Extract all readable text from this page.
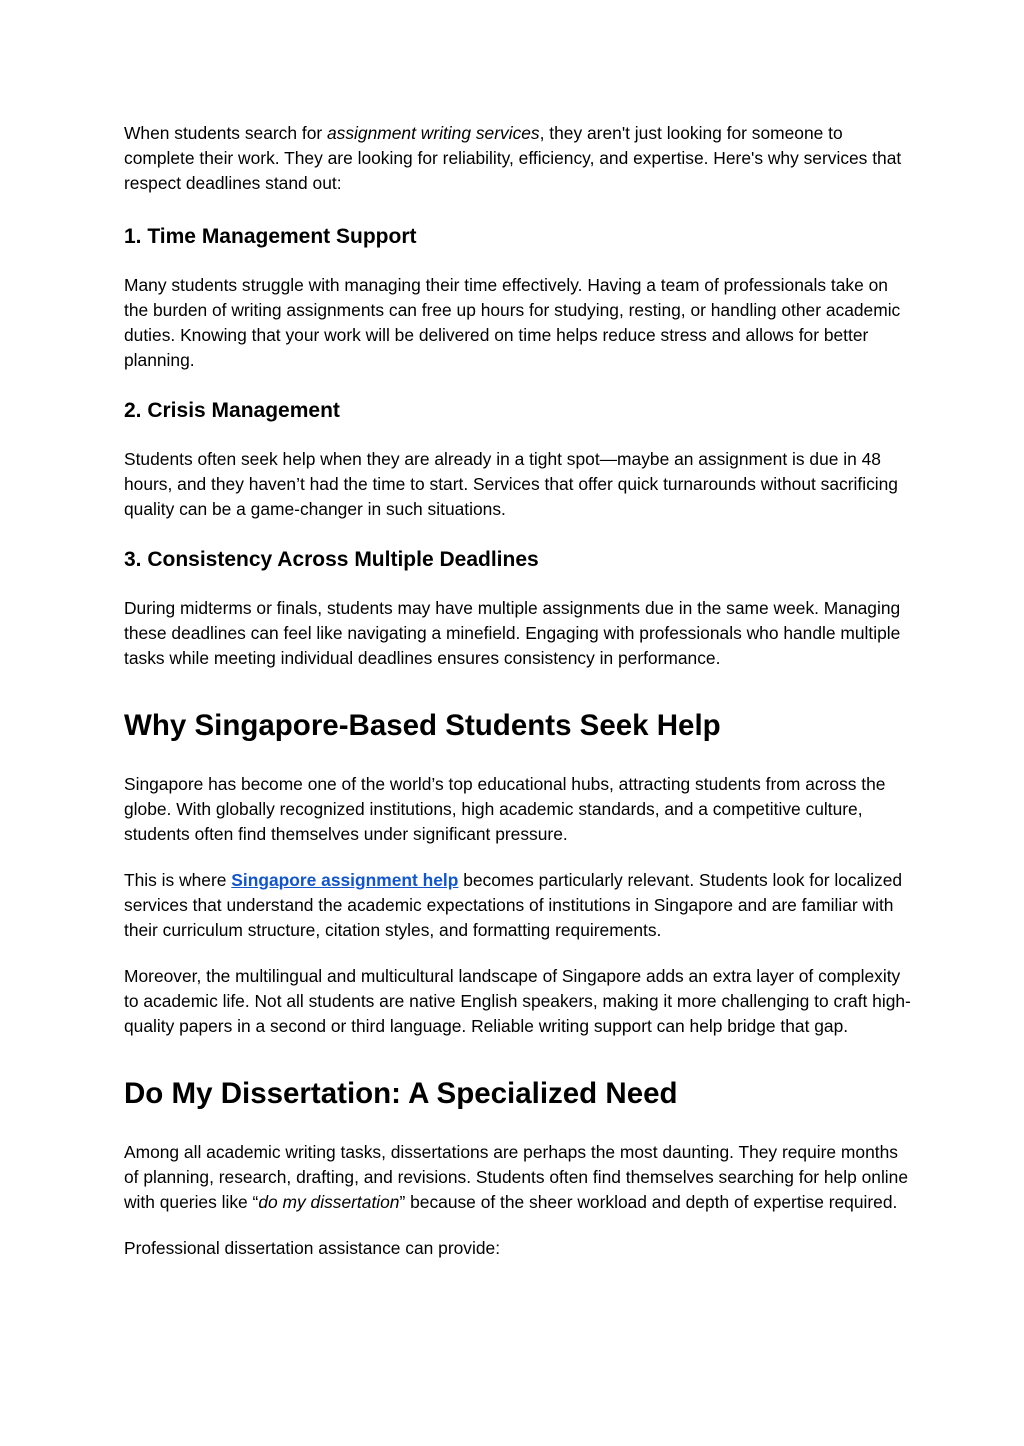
When students search for assignment writing services, they aren't just looking for someone to complete their work. They are looking for reliability, efficiency, and expertise. Here's why services that respect deadlines stand out:

1. Time Management Support

Many students struggle with managing their time effectively. Having a team of professionals take on the burden of writing assignments can free up hours for studying, resting, or handling other academic duties. Knowing that your work will be delivered on time helps reduce stress and allows for better planning.

2. Crisis Management

Students often seek help when they are already in a tight spot—maybe an assignment is due in 48 hours, and they haven’t had the time to start. Services that offer quick turnarounds without sacrificing quality can be a game-changer in such situations.

3. Consistency Across Multiple Deadlines

During midterms or finals, students may have multiple assignments due in the same week. Managing these deadlines can feel like navigating a minefield. Engaging with professionals who handle multiple tasks while meeting individual deadlines ensures consistency in performance.

Why Singapore-Based Students Seek Help

Singapore has become one of the world’s top educational hubs, attracting students from across the globe. With globally recognized institutions, high academic standards, and a competitive culture, students often find themselves under significant pressure.

This is where Singapore assignment help becomes particularly relevant. Students look for localized services that understand the academic expectations of institutions in Singapore and are familiar with their curriculum structure, citation styles, and formatting requirements.

Moreover, the multilingual and multicultural landscape of Singapore adds an extra layer of complexity to academic life. Not all students are native English speakers, making it more challenging to craft high-quality papers in a second or third language. Reliable writing support can help bridge that gap.

Do My Dissertation: A Specialized Need

Among all academic writing tasks, dissertations are perhaps the most daunting. They require months of planning, research, drafting, and revisions. Students often find themselves searching for help online with queries like “do my dissertation” because of the sheer workload and depth of expertise required.

Professional dissertation assistance can provide:
